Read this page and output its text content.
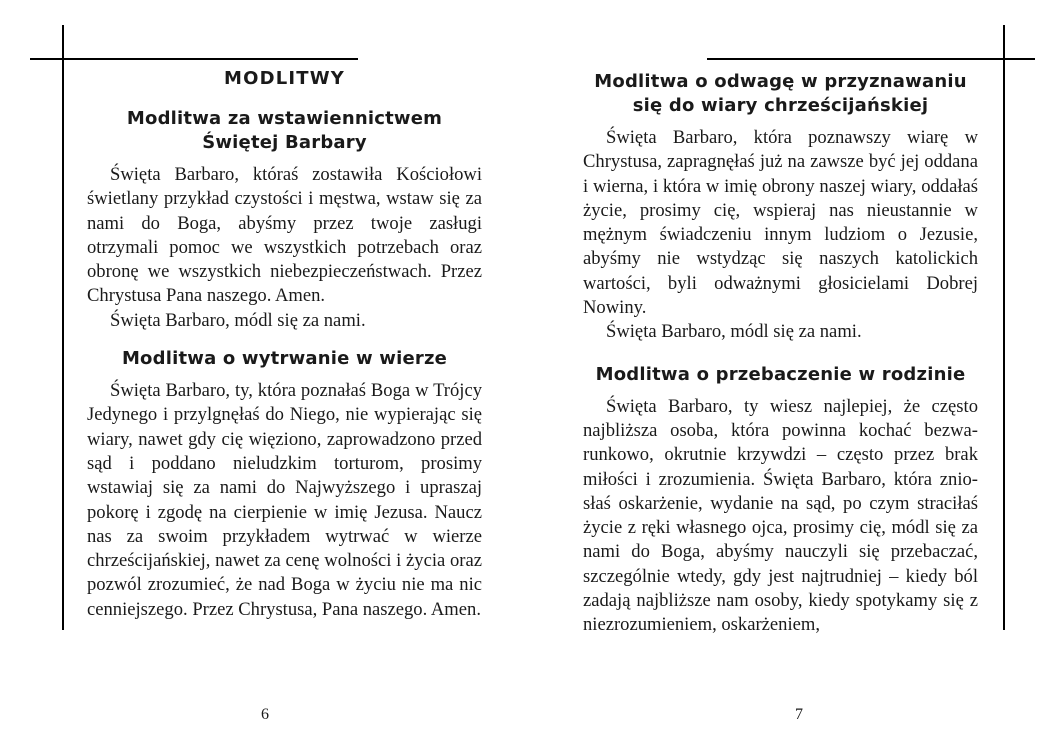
MODLITWY
Modlitwa za wstawiennictwem Świętej Barbary

Święta Barbaro, któraś zostawiła Kościołowi świetlany przykład czystości i męstwa, wstaw się za nami do Boga, abyśmy przez twoje zasługi otrzymali pomoc we wszystkich potrzebach oraz obronę we wszystkich niebezpieczeństwach. Przez Chrystusa Pana naszego. Amen.

Święta Barbaro, módl się za nami.

Modlitwa o wytrwanie w wierze

Święta Barbaro, ty, która poznałaś Boga w Trójcy Jedynego i przylgnęłaś do Niego, nie wypierając się wiary, nawet gdy cię więziono, zaprowadzono przed sąd i poddano nieludzkim torturom, prosimy wstawiaj się za nami do Najwyższego i upraszaj pokorę i zgodę na cierpienie w imię Jezusa. Naucz nas za swoim przykładem wytrwać w wierze chrześcijańskiej, nawet za cenę wolności i życia oraz pozwól zrozumieć, że nad Boga w życiu nie ma nic cenniejszego. Przez Chrystusa, Pana naszego. Amen.

Modlitwa o odwagę w przyznawaniu się do wiary chrześcijańskiej

Święta Barbaro, która poznawszy wiarę w Chrystusa, zapragnęłaś już na zawsze być jej oddana i wierna, i która w imię obrony naszej wiary, oddałaś życie, prosimy cię, wspieraj nas nieustannie w mężnym świadczeniu innym ludziom o Jezusie, abyśmy nie wstydząc się naszych katolickich wartości, byli odważnymi głosicielami Dobrej Nowiny.

Święta Barbaro, módl się za nami.

Modlitwa o przebaczenie w rodzinie

Święta Barbaro, ty wiesz najlepiej, że często najbliższa osoba, która powinna kochać bezwarunkowo, okrutnie krzywdzi – często przez brak miłości i zrozumienia. Święta Barbaro, która zniosłaś oskarżenie, wydanie na sąd, po czym straciłaś życie z ręki własnego ojca, prosimy cię, módl się za nami do Boga, abyśmy nauczyli się przebaczać, szczególnie wtedy, gdy jest najtrudniej – kiedy ból zadają najbliższe nam osoby, kiedy spotykamy się z niezrozumieniem, oskarżeniem,

6	7
